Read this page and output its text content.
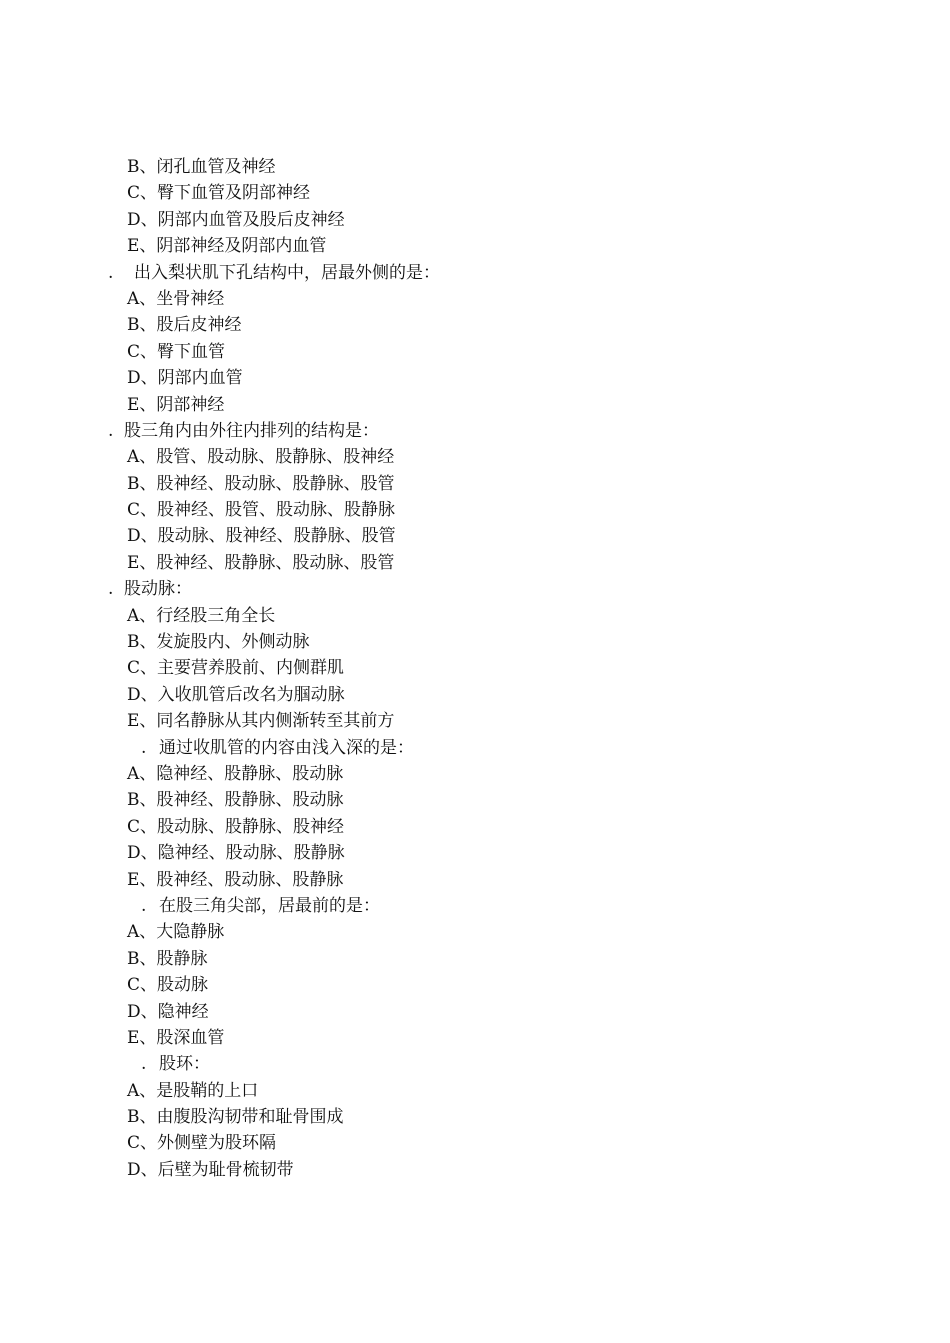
B、闭孔血管及神经
C、臀下血管及阴部神经
D、阴部内血管及股后皮神经
E、阴部神经及阴部内血管
. 出入梨状肌下孔结构中，居最外侧的是：
A、坐骨神经
B、股后皮神经
C、臀下血管
D、阴部内血管
E、阴部神经
. 股三角内由外往内排列的结构是：
A、股管、股动脉、股静脉、股神经
B、股神经、股动脉、股静脉、股管
C、股神经、股管、股动脉、股静脉
D、股动脉、股神经、股静脉、股管
E、股神经、股静脉、股动脉、股管
. 股动脉：
A、行经股三角全长
B、发旋股内、外侧动脉
C、主要营养股前、内侧群肌
D、入收肌管后改名为腘动脉
E、同名静脉从其内侧渐转至其前方
. 通过收肌管的内容由浅入深的是：
A、隐神经、股静脉、股动脉
B、股神经、股静脉、股动脉
C、股动脉、股静脉、股神经
D、隐神经、股动脉、股静脉
E、股神经、股动脉、股静脉
. 在股三角尖部，居最前的是：
A、大隐静脉
B、股静脉
C、股动脉
D、隐神经
E、股深血管
. 股环：
A、是股鞘的上口
B、由腹股沟韧带和耻骨围成
C、外侧壁为股环隔
D、后壁为耻骨梳韧带
